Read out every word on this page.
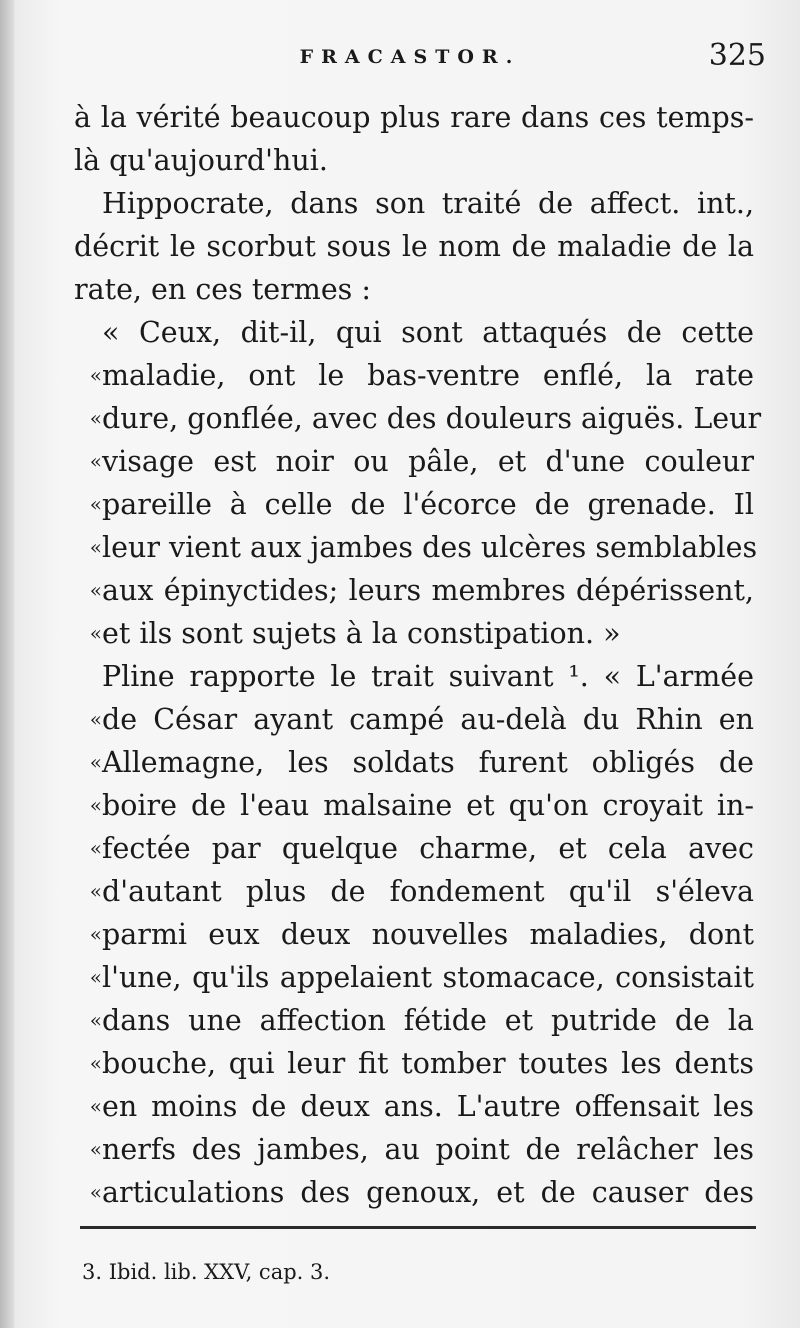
FRACASTOR.	325
à la vérité beaucoup plus rare dans ces temps-
là qu'aujourd'hui.
Hippocrate, dans son traité de affect. int.,
décrit le scorbut sous le nom de maladie de la
rate, en ces termes :
« Ceux, dit-il, qui sont attaqués de cette
« maladie, ont le bas-ventre enflé, la rate
« dure, gonflée, avec des douleurs aiguës. Leur
« visage est noir ou pâle, et d'une couleur
« pareille à celle de l'écorce de grenade. Il
« leur vient aux jambes des ulcères semblables
« aux épinyctides; leurs membres dépérissent,
« et ils sont sujets à la constipation. »
Pline rapporte le trait suivant ¹. « L'armée
« de César ayant campé au-delà du Rhin en
« Allemagne, les soldats furent obligés de
« boire de l'eau malsaine et qu'on croyait in-
« fectée par quelque charme, et cela avec
« d'autant plus de fondement qu'il s'éleva
« parmi eux deux nouvelles maladies, dont
« l'une, qu'ils appelaient stomacace, consistait
« dans une affection fétide et putride de la
« bouche, qui leur fit tomber toutes les dents
« en moins de deux ans. L'autre offensait les
« nerfs des jambes, au point de relâcher les
« articulations des genoux, et de causer des
3. Ibid. lib. XXV, cap. 3.
